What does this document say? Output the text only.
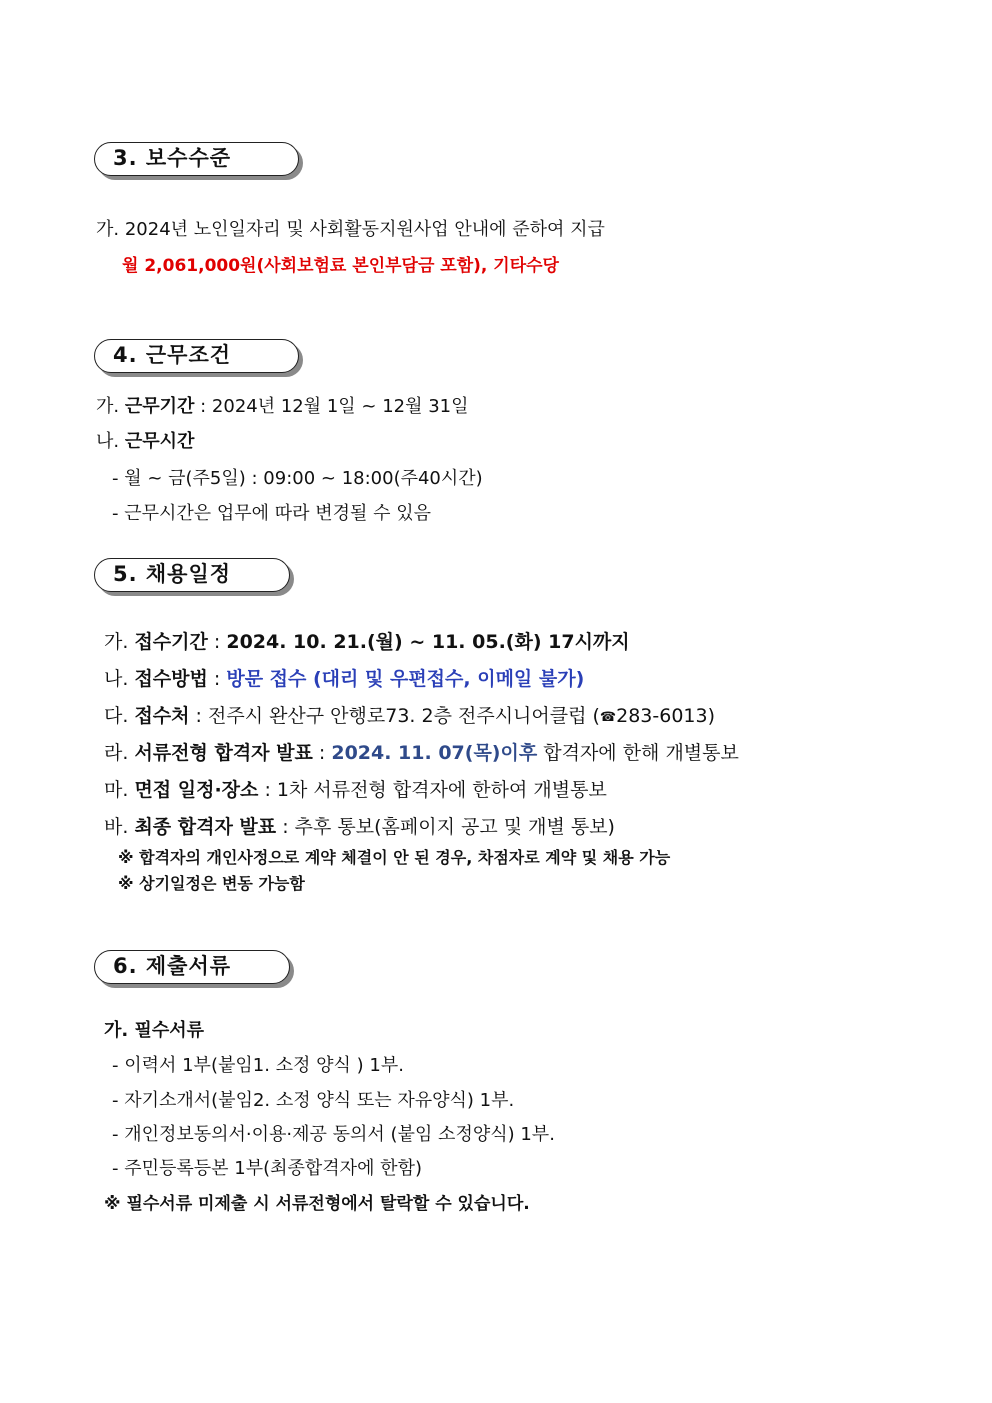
3. 보수수준
가. 2024년 노인일자리 및 사회활동지원사업 안내에 준하여 지급
월 2,061,000원(사회보험료 본인부담금 포함), 기타수당
4. 근무조건
가. 근무기간 : 2024년 12월 1일 ~ 12월 31일
나. 근무시간
- 월 ~ 금(주5일) : 09:00 ~ 18:00(주40시간)
- 근무시간은 업무에 따라 변경될 수 있음
5. 채용일정
가. 접수기간 : 2024. 10. 21.(월) ~ 11. 05.(화) 17시까지
나. 접수방법 : 방문 접수 (대리 및 우편접수, 이메일 불가)
다. 접수처 : 전주시 완산구 안행로73. 2층 전주시니어클럽 (☎283-6013)
라. 서류전형 합격자 발표 : 2024. 11. 07(목)이후 합격자에 한해 개별통보
마. 면접 일정·장소 : 1차 서류전형 합격자에 한하여 개별통보
바. 최종 합격자 발표 : 추후 통보(홈페이지 공고 및 개별 통보)
※ 합격자의 개인사정으로 계약 체결이 안 된 경우, 차점자로 계약 및 채용 가능
※ 상기일정은 변동 가능함
6. 제출서류
가. 필수서류
- 이력서 1부(붙임1. 소정 양식 ) 1부.
- 자기소개서(붙임2. 소정 양식 또는 자유양식) 1부.
- 개인정보동의서·이용·제공 동의서 (붙임 소정양식) 1부.
- 주민등록등본 1부(최종합격자에 한함)
※ 필수서류 미제출 시 서류전형에서 탈락할 수 있습니다.
